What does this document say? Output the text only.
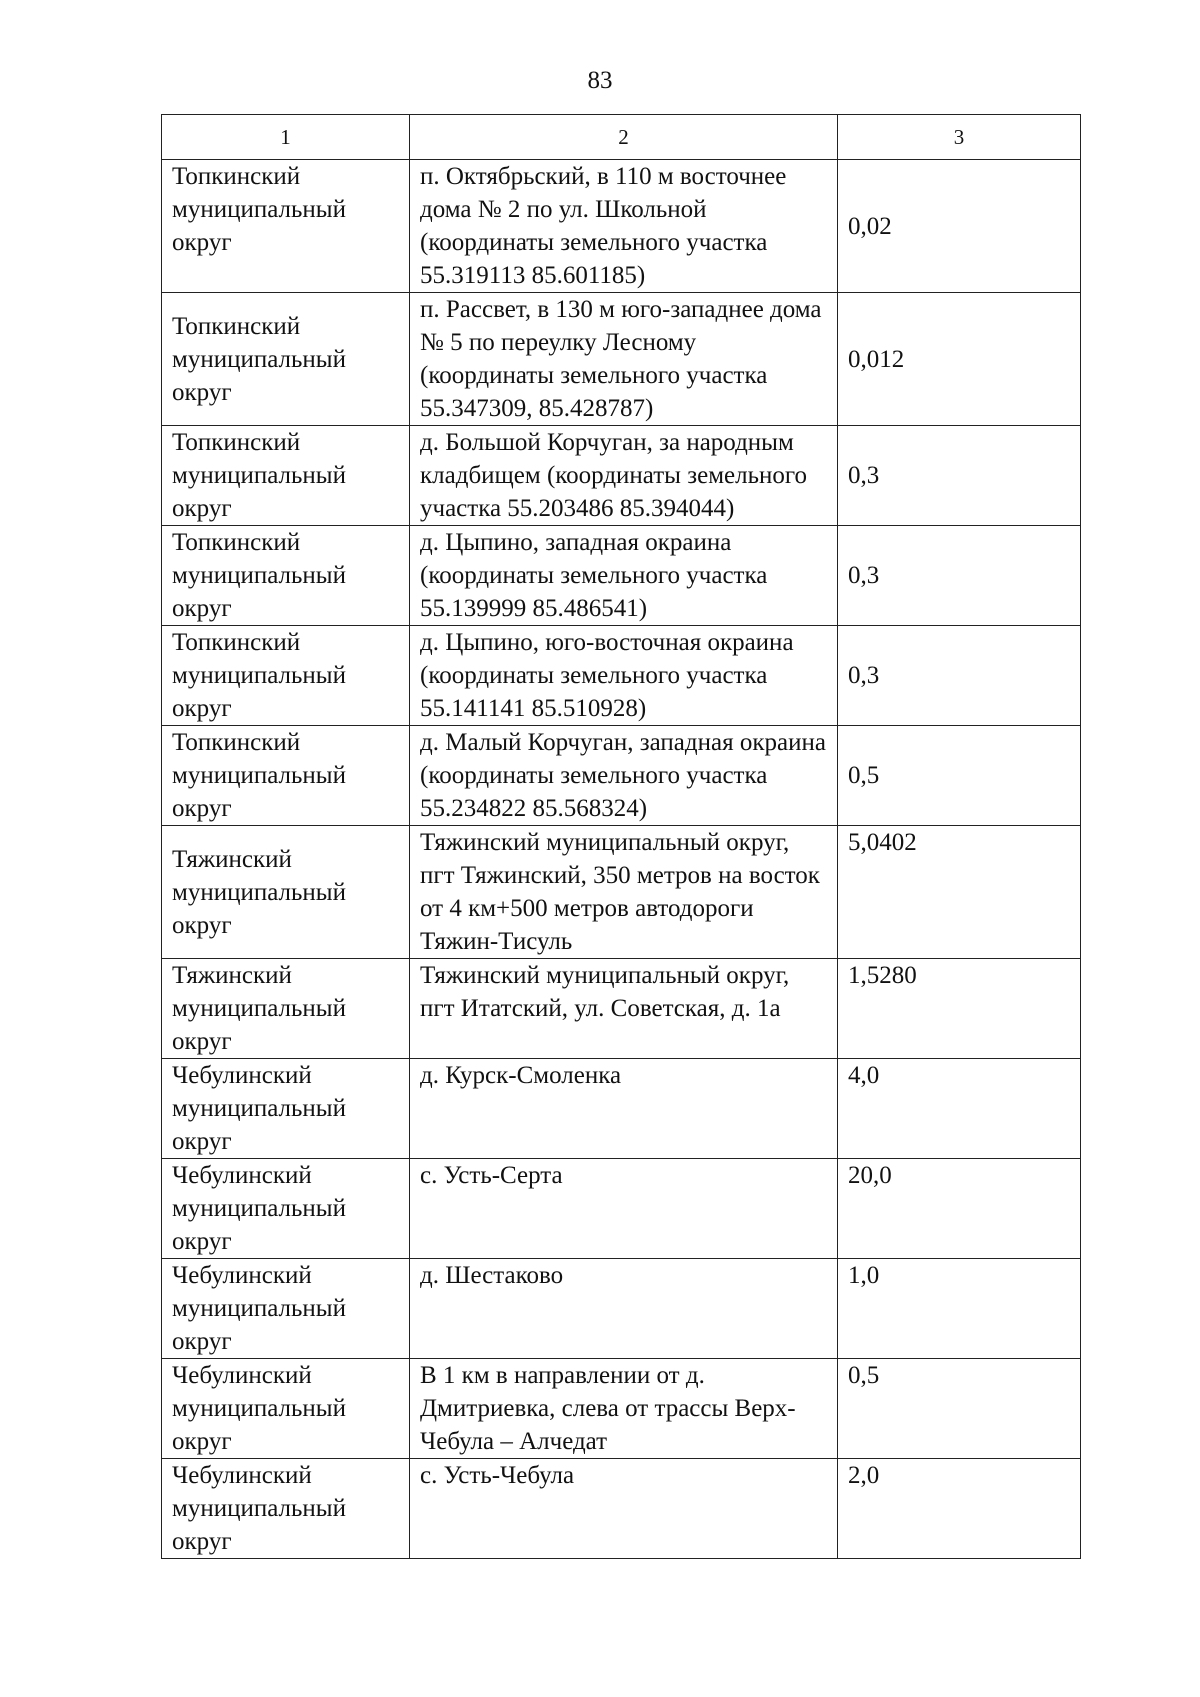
83
1	2	3
Топкинский муниципальный округ	п. Октябрьский, в 110 м восточнее дома № 2 по ул. Школьной (координаты земельного участка 55.319113 85.601185)	0,02
Топкинский муниципальный округ	п. Рассвет, в 130 м юго-западнее дома № 5 по переулку Лесному (координаты земельного участка 55.347309, 85.428787)	0,012
Топкинский муниципальный округ	д. Большой Корчуган, за народным кладбищем (координаты земельного участка 55.203486 85.394044)	0,3
Топкинский муниципальный округ	д. Цыпино, западная окраина (координаты земельного участка 55.139999 85.486541)	0,3
Топкинский муниципальный округ	д. Цыпино, юго-восточная окраина (координаты земельного участка 55.141141 85.510928)	0,3
Топкинский муниципальный округ	д. Малый Корчуган, западная окраина (координаты земельного участка 55.234822 85.568324)	0,5
Тяжинский муниципальный округ	Тяжинский муниципальный округ, пгт Тяжинский, 350 метров на восток от 4 км+500 метров автодороги Тяжин-Тисуль	5,0402
Тяжинский муниципальный округ	Тяжинский муниципальный округ, пгт Итатский, ул. Советская, д. 1а	1,5280
Чебулинский муниципальный округ	д. Курск-Смоленка	4,0
Чебулинский муниципальный округ	с. Усть-Серта	20,0
Чебулинский муниципальный округ	д. Шестаково	1,0
Чебулинский муниципальный округ	В 1 км в направлении от д. Дмитриевка, слева от трассы Верх-Чебула – Алчедат	0,5
Чебулинский муниципальный округ	с. Усть-Чебула	2,0
